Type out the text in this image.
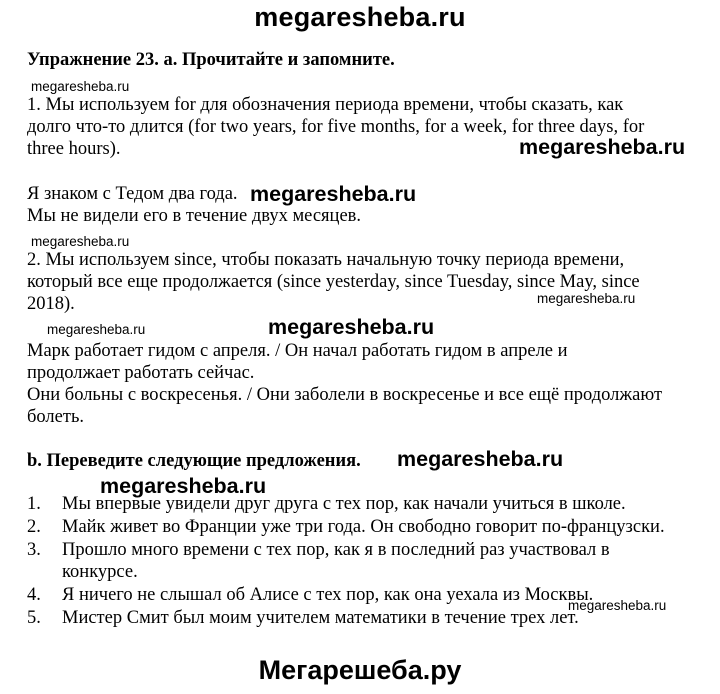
megaresheba.ru
Упражнение 23. а. Прочитайте и запомните.
megaresheba.ru
1. Мы используем for для обозначения периода времени, чтобы сказать, как
долго что-то длится (for two years, for five months, for a week, for three days, for
three hours).	megaresheba.ru
Я знаком с Тедом два года. megaresheba.ru
Мы не видели его в течение двух месяцев.
megaresheba.ru
2. Мы используем since, чтобы показать начальную точку периода времени,
который все еще продолжается (since yesterday, since Tuesday, since May, since
2018).	megaresheba.ru
megaresheba.ru	megaresheba.ru
Марк работает гидом с апреля. / Он начал работать гидом в апреле и
продолжает работать сейчас.
Они больны с воскресенья. / Они заболели в воскресенье и все ещё продолжают
болеть.
b. Переведите следующие предложения. megaresheba.ru
megaresheba.ru
1. Мы впервые увидели друг друга с тех пор, как начали учиться в школе.
2. Майк живет во Франции уже три года. Он свободно говорит по-французски.
3. Прошло много времени с тех пор, как я в последний раз участвовал в
конкурсе.
4. Я ничего не слышал об Алисе с тех пор, как она уехала из Москвы.
megaresheba.ru
5. Мистер Смит был моим учителем математики в течение трех лет.
Мегарешеба.ру
